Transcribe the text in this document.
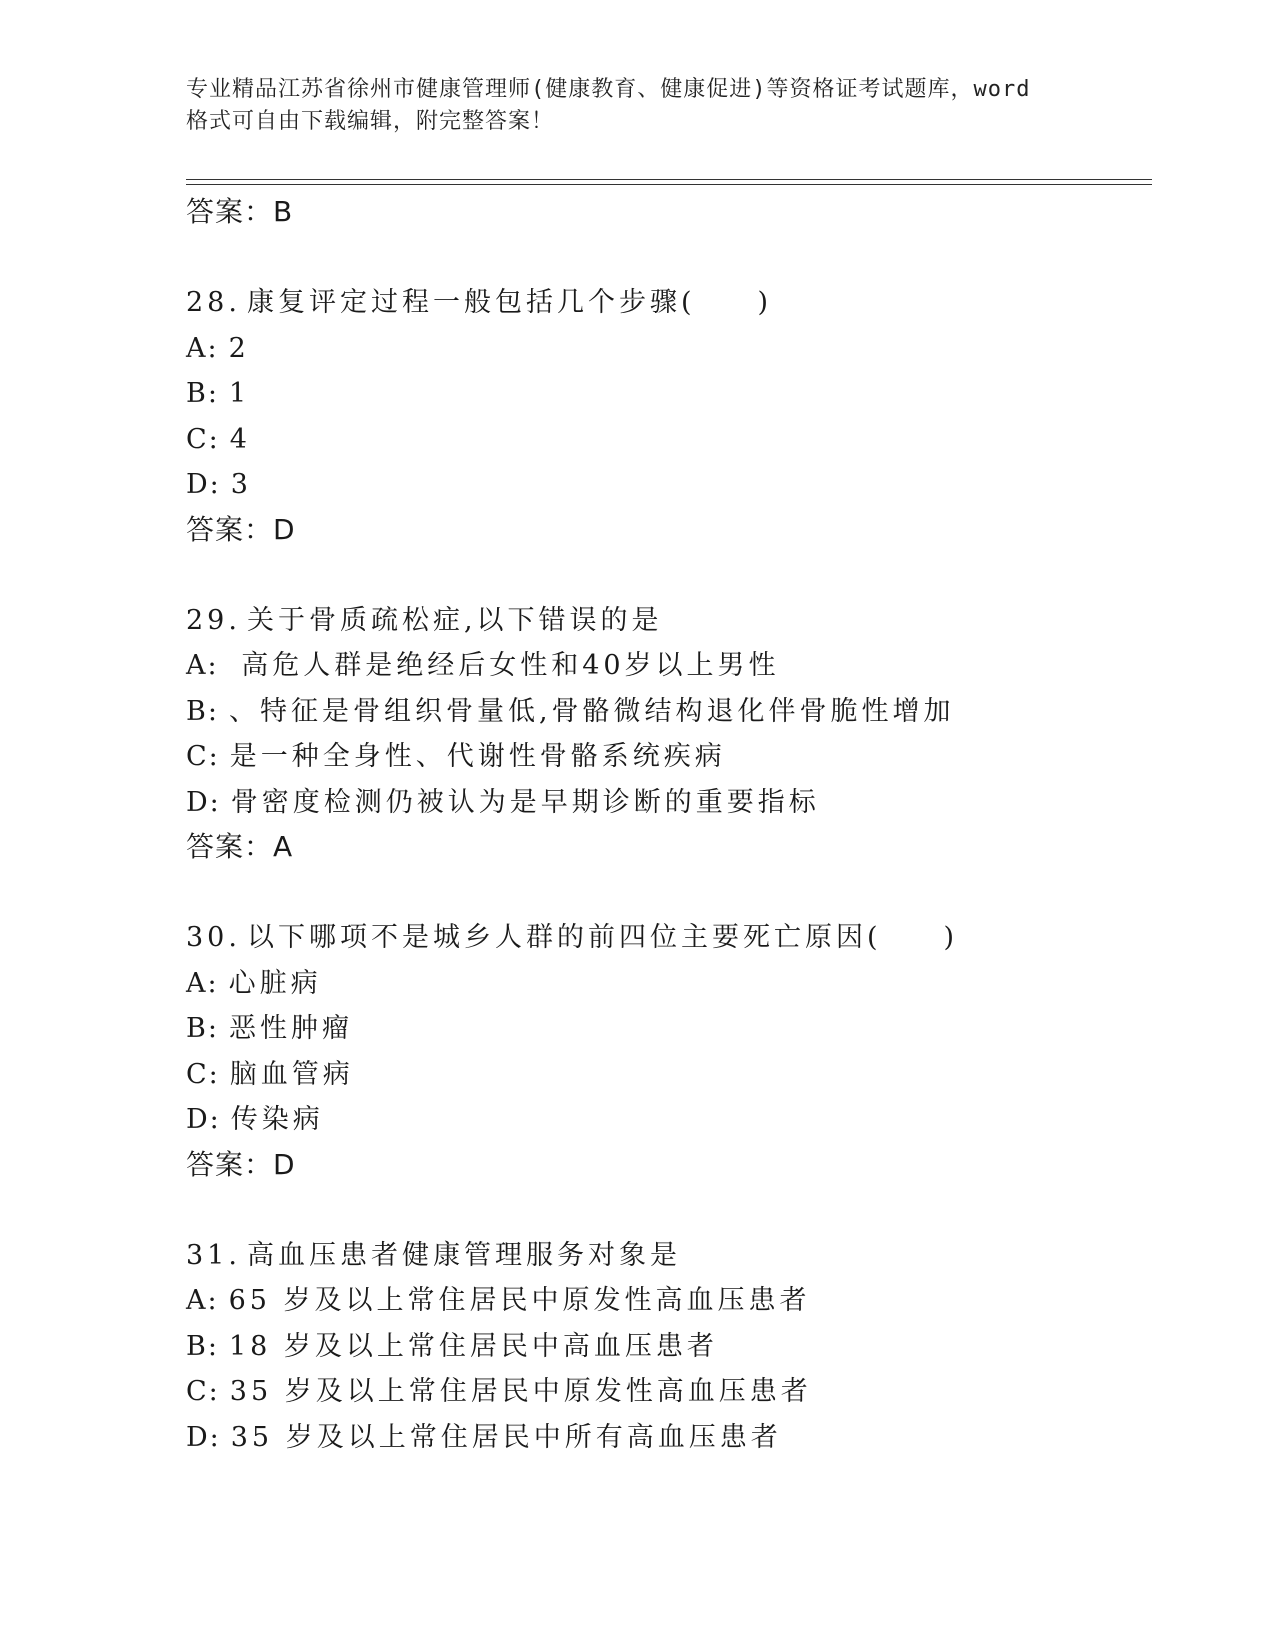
专业精品江苏省徐州市健康管理师(健康教育、健康促进)等资格证考试题库，word
格式可自由下载编辑，附完整答案！
答案：B
28. 康复评定过程一般包括几个步骤(　　)
A: 2
B: 1
C: 4
D: 3
答案：D
29. 关于骨质疏松症,以下错误的是
A: 高危人群是绝经后女性和40岁以上男性
B: 、特征是骨组织骨量低,骨骼微结构退化伴骨脆性增加
C: 是一种全身性、代谢性骨骼系统疾病
D: 骨密度检测仍被认为是早期诊断的重要指标
答案：A
30. 以下哪项不是城乡人群的前四位主要死亡原因(　　)
A: 心脏病
B: 恶性肿瘤
C: 脑血管病
D: 传染病
答案：D
31. 高血压患者健康管理服务对象是
A: 65 岁及以上常住居民中原发性高血压患者
B: 18 岁及以上常住居民中高血压患者
C: 35 岁及以上常住居民中原发性高血压患者
D: 35 岁及以上常住居民中所有高血压患者
